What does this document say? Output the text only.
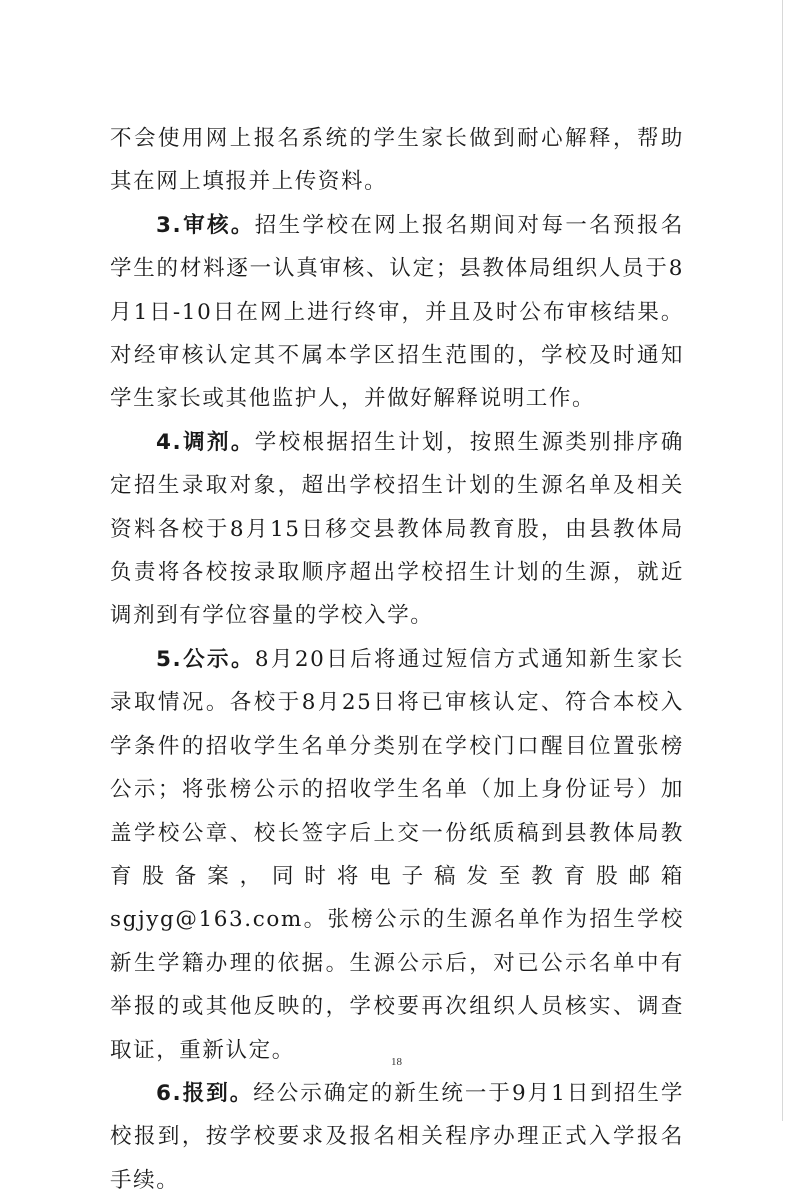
不会使用网上报名系统的学生家长做到耐心解释，帮助其在网上填报并上传资料。

3.审核。招生学校在网上报名期间对每一名预报名学生的材料逐一认真审核、认定；县教体局组织人员于8月1日-10日在网上进行终审，并且及时公布审核结果。对经审核认定其不属本学区招生范围的，学校及时通知学生家长或其他监护人，并做好解释说明工作。

4.调剂。学校根据招生计划，按照生源类别排序确定招生录取对象，超出学校招生计划的生源名单及相关资料各校于8月15日移交县教体局教育股，由县教体局负责将各校按录取顺序超出学校招生计划的生源，就近调剂到有学位容量的学校入学。

5.公示。8月20日后将通过短信方式通知新生家长录取情况。各校于8月25日将已审核认定、符合本校入学条件的招收学生名单分类别在学校门口醒目位置张榜公示；将张榜公示的招收学生名单（加上身份证号）加盖学校公章、校长签字后上交一份纸质稿到县教体局教育股备案，同时将电子稿发至教育股邮箱sgjyg@163.com。张榜公示的生源名单作为招生学校新生学籍办理的依据。生源公示后，对已公示名单中有举报的或其他反映的，学校要再次组织人员核实、调查取证，重新认定。

6.报到。经公示确定的新生统一于9月1日到招生学校报到，按学校要求及报名相关程序办理正式入学报名手续。

18
